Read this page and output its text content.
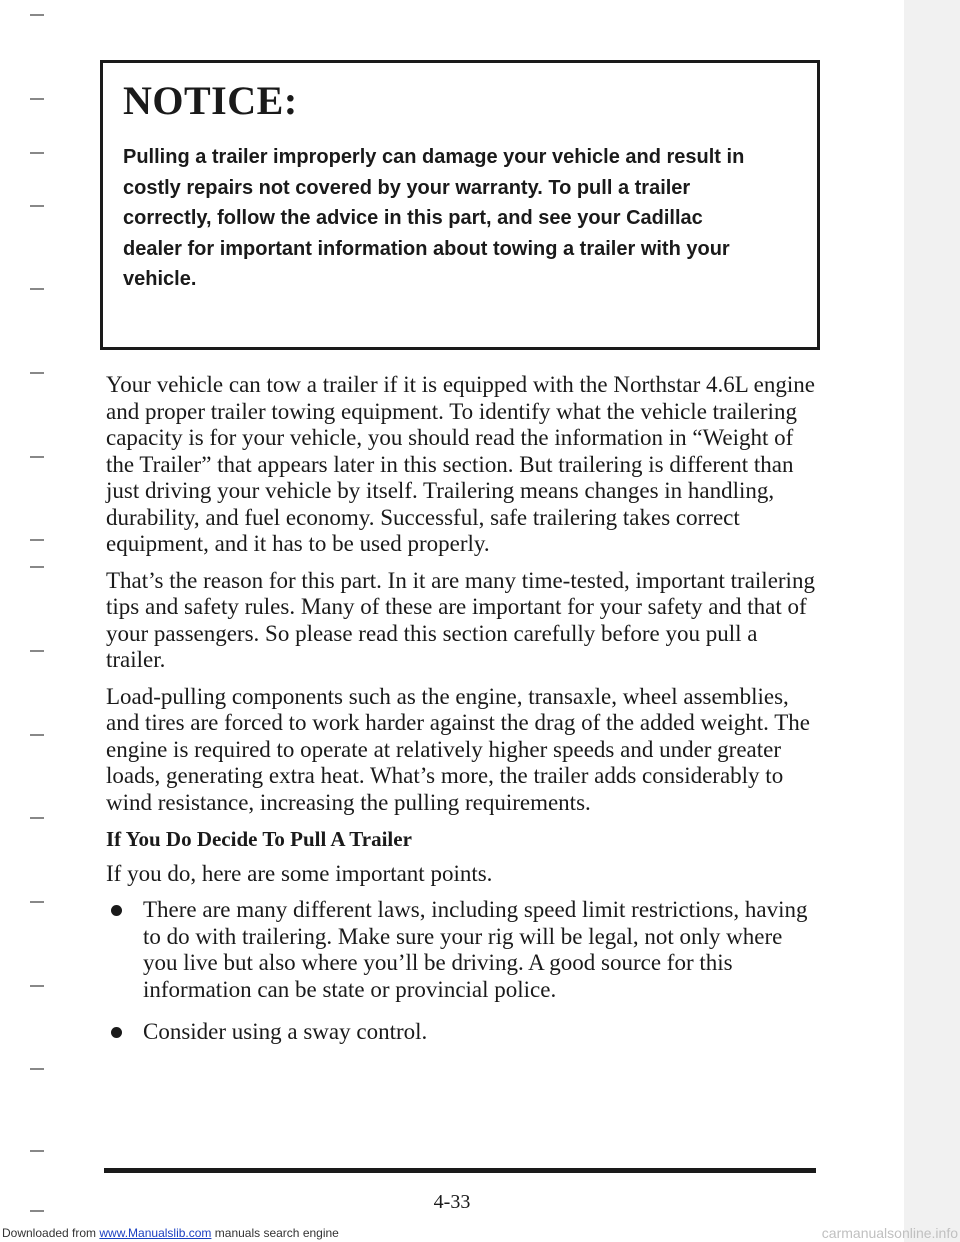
NOTICE:

Pulling a trailer improperly can damage your vehicle and result in costly repairs not covered by your warranty. To pull a trailer correctly, follow the advice in this part, and see your Cadillac dealer for important information about towing a trailer with your vehicle.

Your vehicle can tow a trailer if it is equipped with the Northstar 4.6L engine and proper trailer towing equipment. To identify what the vehicle trailering capacity is for your vehicle, you should read the information in “Weight of the Trailer” that appears later in this section. But trailering is different than just driving your vehicle by itself. Trailering means changes in handling, durability, and fuel economy. Successful, safe trailering takes correct equipment, and it has to be used properly.

That’s the reason for this part. In it are many time-tested, important trailering tips and safety rules. Many of these are important for your safety and that of your passengers. So please read this section carefully before you pull a trailer.

Load-pulling components such as the engine, transaxle, wheel assemblies, and tires are forced to work harder against the drag of the added weight. The engine is required to operate at relatively higher speeds and under greater loads, generating extra heat. What’s more, the trailer adds considerably to wind resistance, increasing the pulling requirements.

If You Do Decide To Pull A Trailer

If you do, here are some important points.

There are many different laws, including speed limit restrictions, having to do with trailering. Make sure your rig will be legal, not only where you live but also where you’ll be driving. A good source for this information can be state or provincial police.
Consider using a sway control.
4-33
Downloaded from www.Manualslib.com manuals search engine	carmanualsonline.info
